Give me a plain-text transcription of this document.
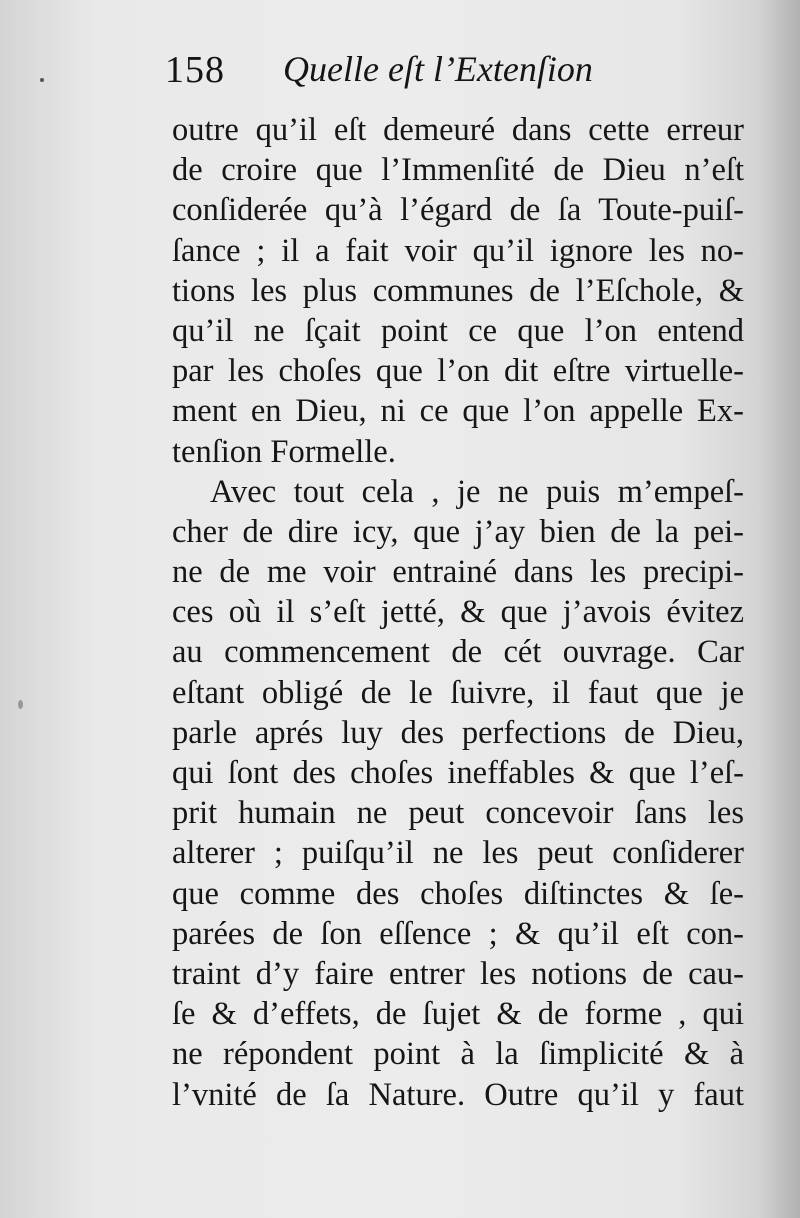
158 Quelle eſt l’Extenſion
outre qu’il eſt demeuré dans cette erreur
de croire que l’Immenſité de Dieu n’eſt
conſiderée qu’à l’égard de ſa Toute-puiſ-
ſance ; il a fait voir qu’il ignore les no-
tions les plus communes de l’Eſchole, &
qu’il ne ſçait point ce que l’on entend
par les choſes que l’on dit eſtre virtuelle-
ment en Dieu, ni ce que l’on appelle Ex-
tenſion Formelle.
Avec tout cela , je ne puis m’empeſ-
cher de dire icy, que j’ay bien de la pei-
ne de me voir entrainé dans les precipi-
ces où il s’eſt jetté, & que j’avois évitez
au commencement de cét ouvrage. Car
eſtant obligé de le ſuivre, il faut que je
parle aprés luy des perfections de Dieu,
qui ſont des choſes ineffables & que l’eſ-
prit humain ne peut concevoir ſans les
alterer ; puiſqu’il ne les peut conſiderer
que comme des choſes diſtinctes & ſe-
parées de ſon eſſence ; & qu’il eſt con-
traint d’y faire entrer les notions de cau-
ſe & d’effets, de ſujet & de forme , qui
ne répondent point à la ſimplicité & à
l’vnité de ſa Nature. Outre qu’il y faut
